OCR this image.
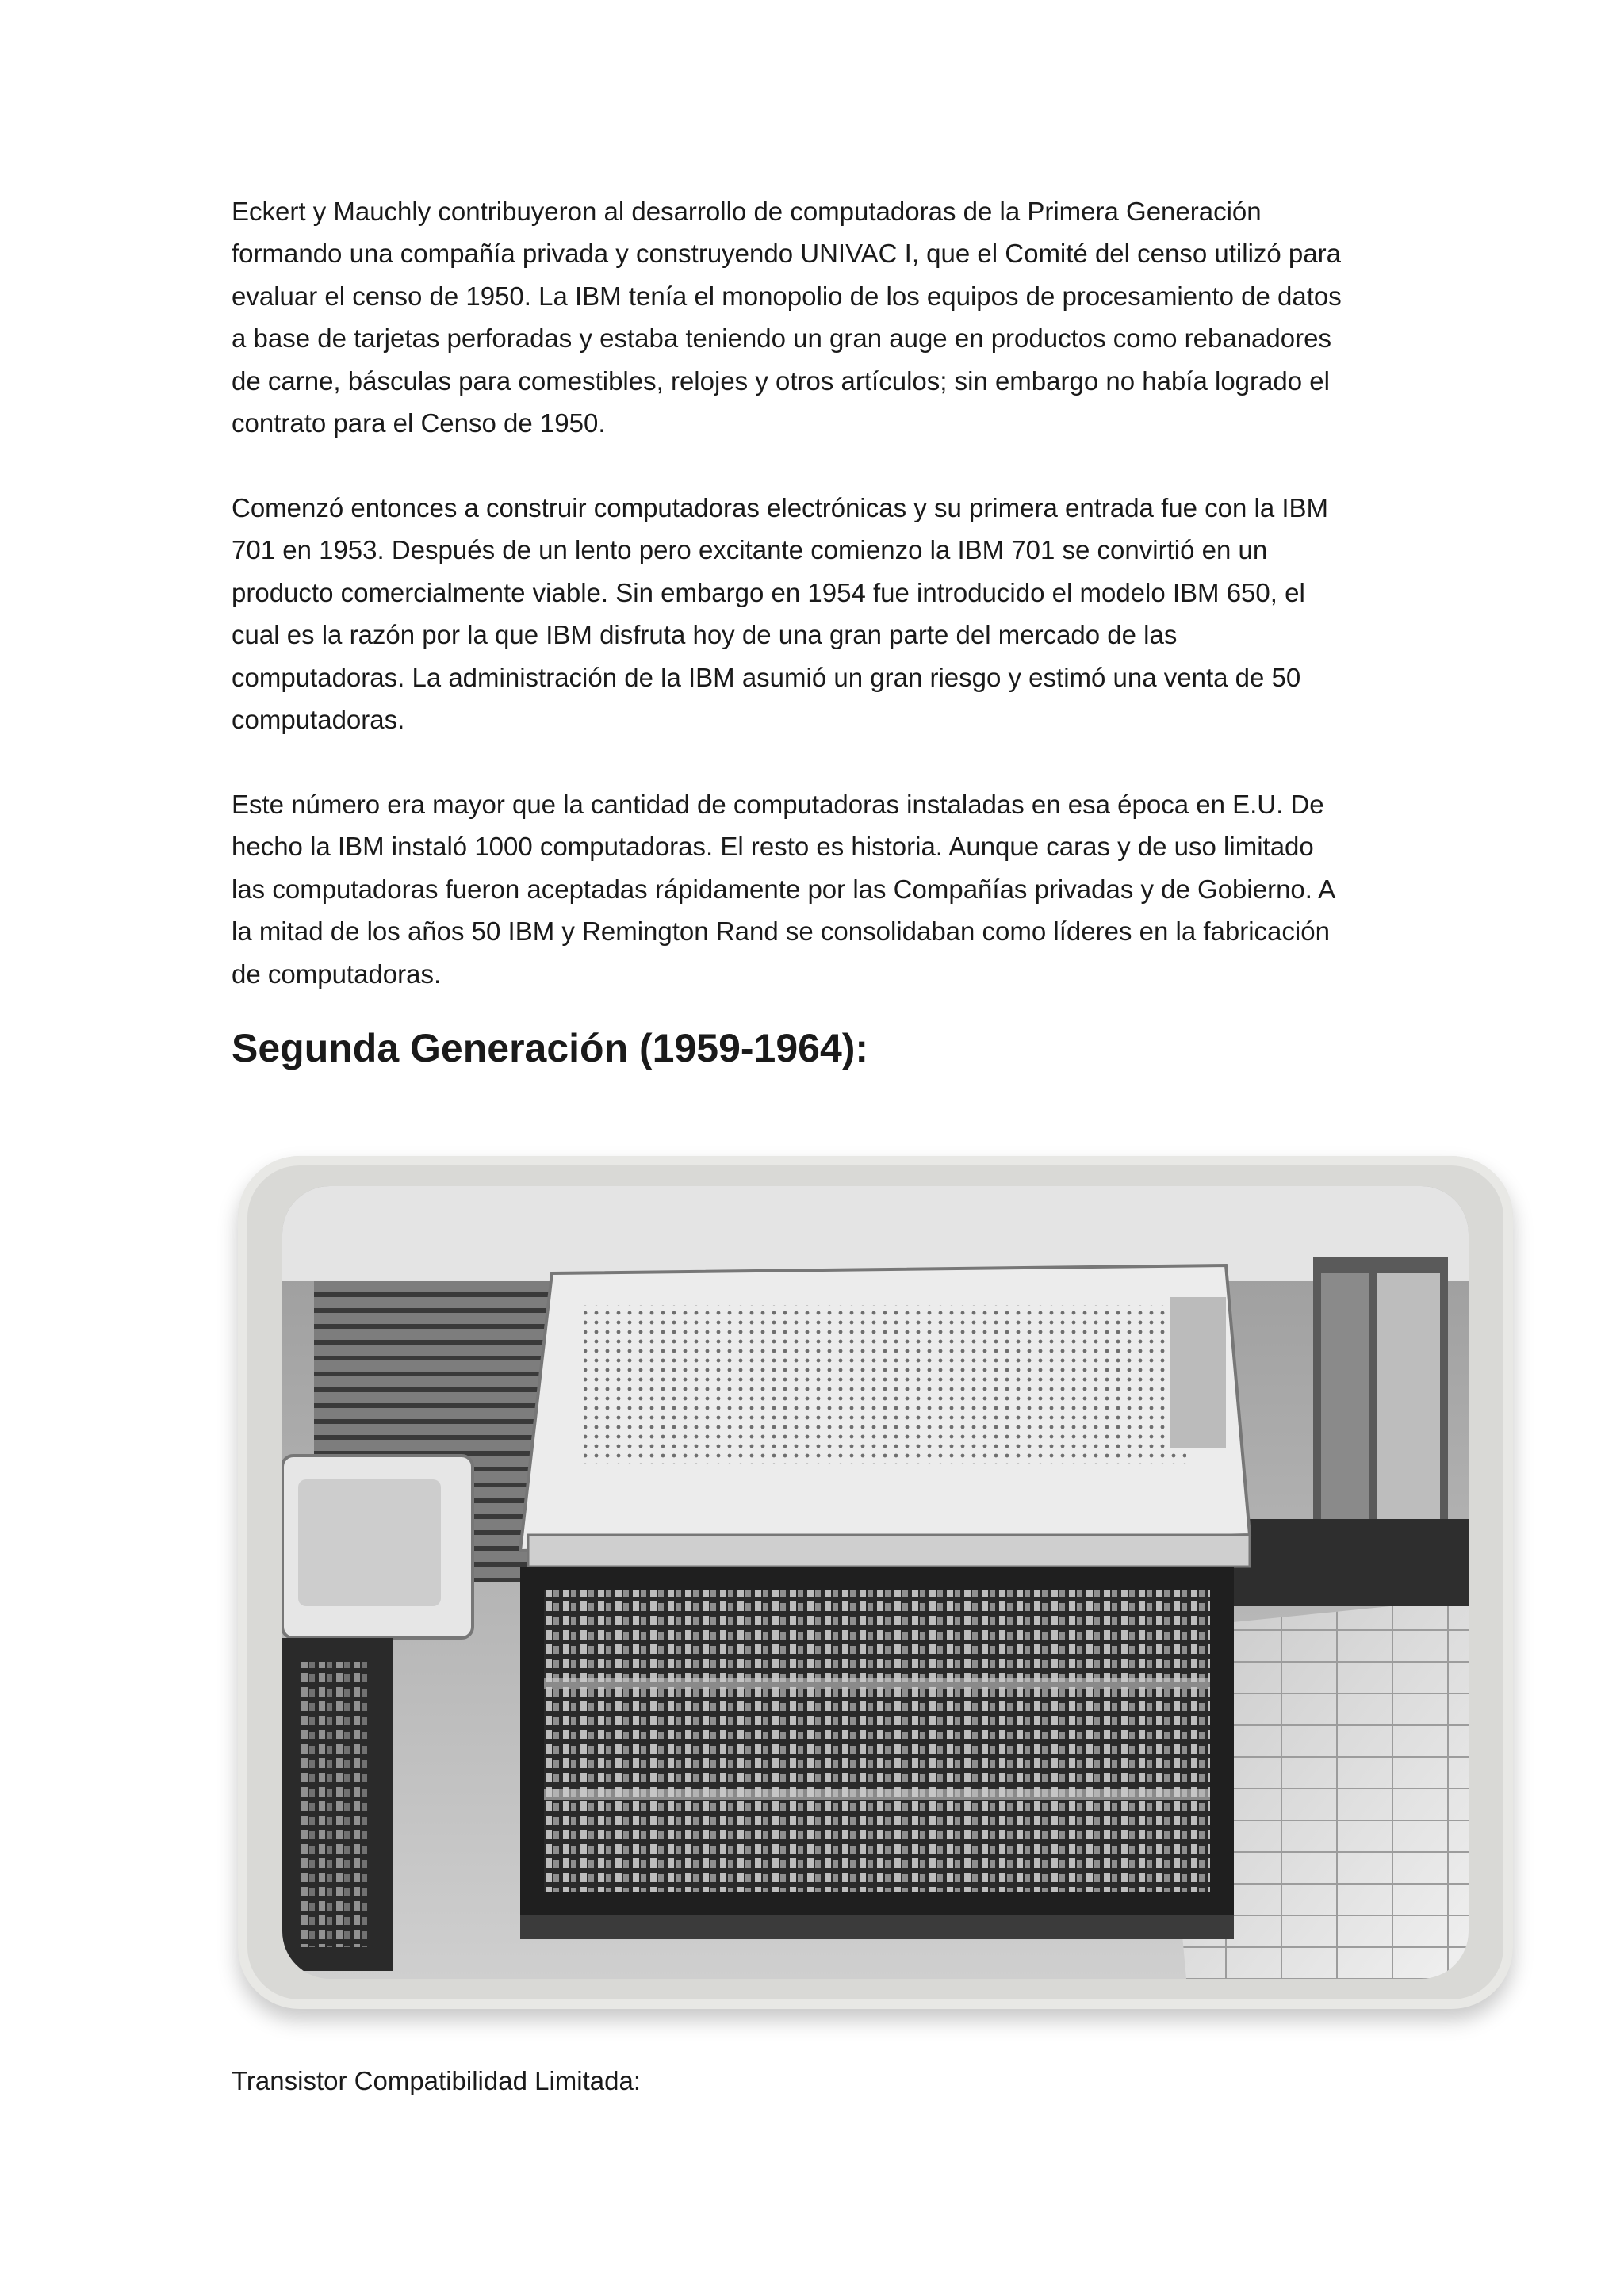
Eckert y Mauchly contribuyeron al desarrollo de computadoras de la Primera Generación
formando una compañía privada y construyendo UNIVAC I, que el Comité del censo utilizó para
evaluar el censo de 1950. La IBM tenía el monopolio de los equipos de procesamiento de datos
a base de tarjetas perforadas y estaba teniendo un gran auge en productos como rebanadores
de carne, básculas para comestibles, relojes y otros artículos; sin embargo no había logrado el
contrato para el Censo de 1950.

Comenzó entonces a construir computadoras electrónicas y su primera entrada fue con la IBM
701 en 1953. Después de un lento pero excitante comienzo la IBM 701 se convirtió en un
producto comercialmente viable. Sin embargo en 1954 fue introducido el modelo IBM 650, el
cual es la razón por la que IBM disfruta hoy de una gran parte del mercado de las
computadoras. La administración de la IBM asumió un gran riesgo y estimó una venta de 50
computadoras.

Este número era mayor que la cantidad de computadoras instaladas en esa época en E.U. De
hecho la IBM instaló 1000 computadoras. El resto es historia. Aunque caras y de uso limitado
las computadoras fueron aceptadas rápidamente por las Compañías privadas y de Gobierno. A
la mitad de los años 50 IBM y Remington Rand se consolidaban como líderes en la fabricación
de computadoras.

Segunda Generación (1959-1964):

Transistor Compatibilidad Limitada:
